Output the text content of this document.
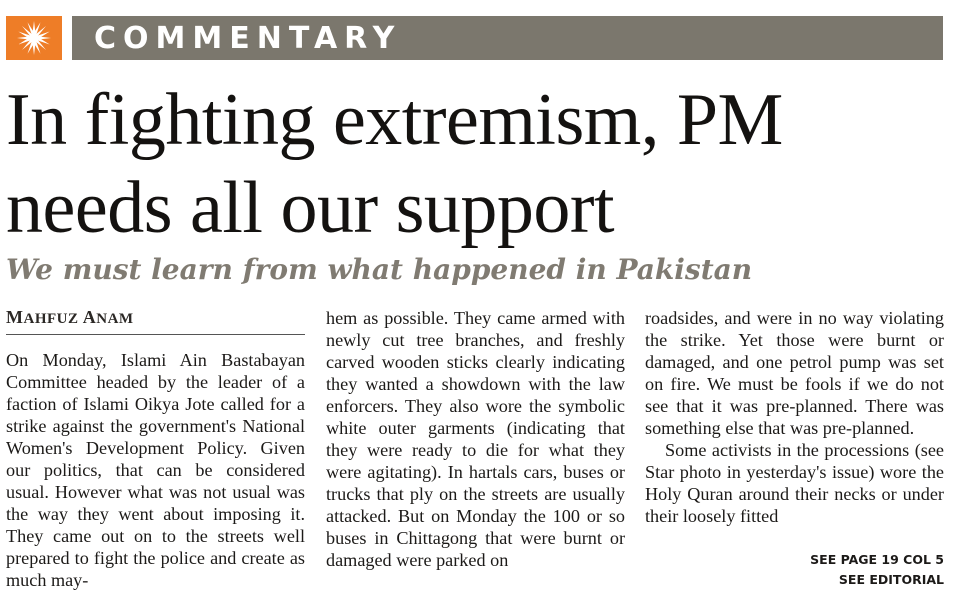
COMMENTARY
In fighting extremism, PM needs all our support
We must learn from what happened in Pakistan
MAHFUZ ANAM

On Monday, Islami Ain Bastabayan Committee headed by the leader of a faction of Islami Oikya Jote called for a strike against the government's National Women's Development Policy. Given our politics, that can be considered usual. However what was not usual was the way they went about imposing it. They came out on to the streets well prepared to fight the police and create as much may-

hem as possible. They came armed with newly cut tree branches, and freshly carved wooden sticks clearly indicating they wanted a showdown with the law enforcers. They also wore the symbolic white outer garments (indicating that they were ready to die for what they were agitating). In hartals cars, buses or trucks that ply on the streets are usually attacked. But on Monday the 100 or so buses in Chittagong that were burnt or damaged were parked on

roadsides, and were in no way violating the strike. Yet those were burnt or damaged, and one petrol pump was set on fire. We must be fools if we do not see that it was pre-planned. There was something else that was pre-planned.

Some activists in the processions (see Star photo in yesterday's issue) wore the Holy Quran around their necks or under their loosely fitted

SEE PAGE 19 COL 5
SEE EDITORIAL
